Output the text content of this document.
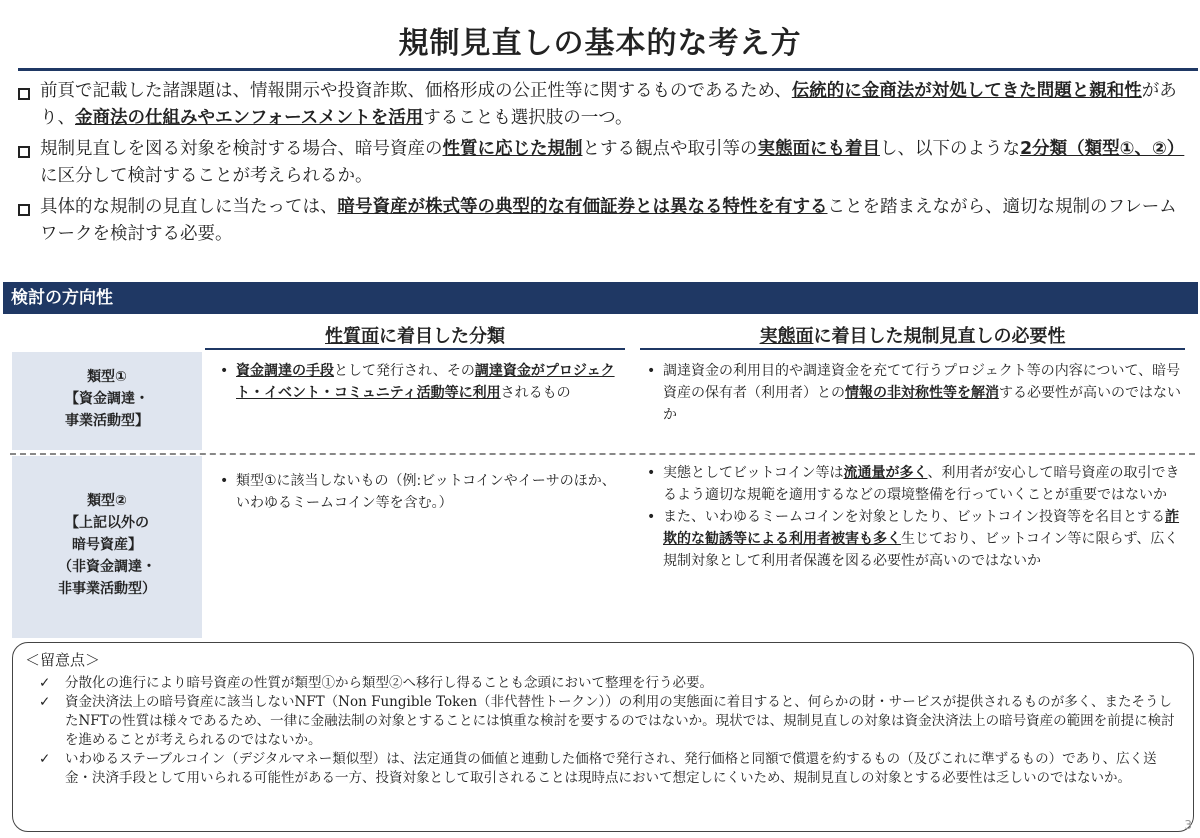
規制見直しの基本的な考え方
前頁で記載した諸課題は、情報開示や投資詐欺、価格形成の公正性等に関するものであるため、伝統的に金商法が対処してきた問題と親和性があり、金商法の仕組みやエンフォースメントを活用することも選択肢の一つ。
規制見直しを図る対象を検討する場合、暗号資産の性質に応じた規制とする観点や取引等の実態面にも着目し、以下のような2分類（類型①、②）に区分して検討することが考えられるか。
具体的な規制の見直しに当たっては、暗号資産が株式等の典型的な有価証券とは異なる特性を有することを踏まえながら、適切な規制のフレームワークを検討する必要。
検討の方向性
性質面に着目した分類	実態面に着目した規制見直しの必要性
類型①
【資金調達・
事業活動型】
• 資金調達の手段として発行され、その調達資金がプロジェクト・イベント・コミュニティ活動等に利用されるもの
• 調達資金の利用目的や調達資金を充てて行うプロジェクト等の内容について、暗号資産の保有者（利用者）との情報の非対称性等を解消する必要性が高いのではないか
類型②
【上記以外の
暗号資産】
（非資金調達・
非事業活動型）
• 類型①に該当しないもの（例:ビットコインやイーサのほか、いわゆるミームコイン等を含む。）
• 実態としてビットコイン等は流通量が多く、利用者が安心して暗号資産の取引できるよう適切な規範を適用するなどの環境整備を行っていくことが重要ではないか
• また、いわゆるミームコインを対象としたり、ビットコイン投資等を名目とする詐欺的な勧誘等による利用者被害も多く生じており、ビットコイン等に限らず、広く規制対象として利用者保護を図る必要性が高いのではないか
＜留意点＞
✓ 分散化の進行により暗号資産の性質が類型①から類型②へ移行し得ることも念頭において整理を行う必要。
✓ 資金決済法上の暗号資産に該当しないNFT（Non Fungible Token（非代替性トークン））の利用の実態面に着目すると、何らかの財・サービスが提供されるものが多く、またそうしたNFTの性質は様々であるため、一律に金融法制の対象とすることには慎重な検討を要するのではないか。現状では、規制見直しの対象は資金決済法上の暗号資産の範囲を前提に検討を進めることが考えられるのではないか。
✓ いわゆるステーブルコイン（デジタルマネー類似型）は、法定通貨の価値と連動した価格で発行され、発行価格と同額で償還を約するもの（及びこれに準ずるもの）であり、広く送金・決済手段として用いられる可能性がある一方、投資対象として取引されることは現時点において想定しにくいため、規制見直しの対象とする必要性は乏しいのではないか。
3
